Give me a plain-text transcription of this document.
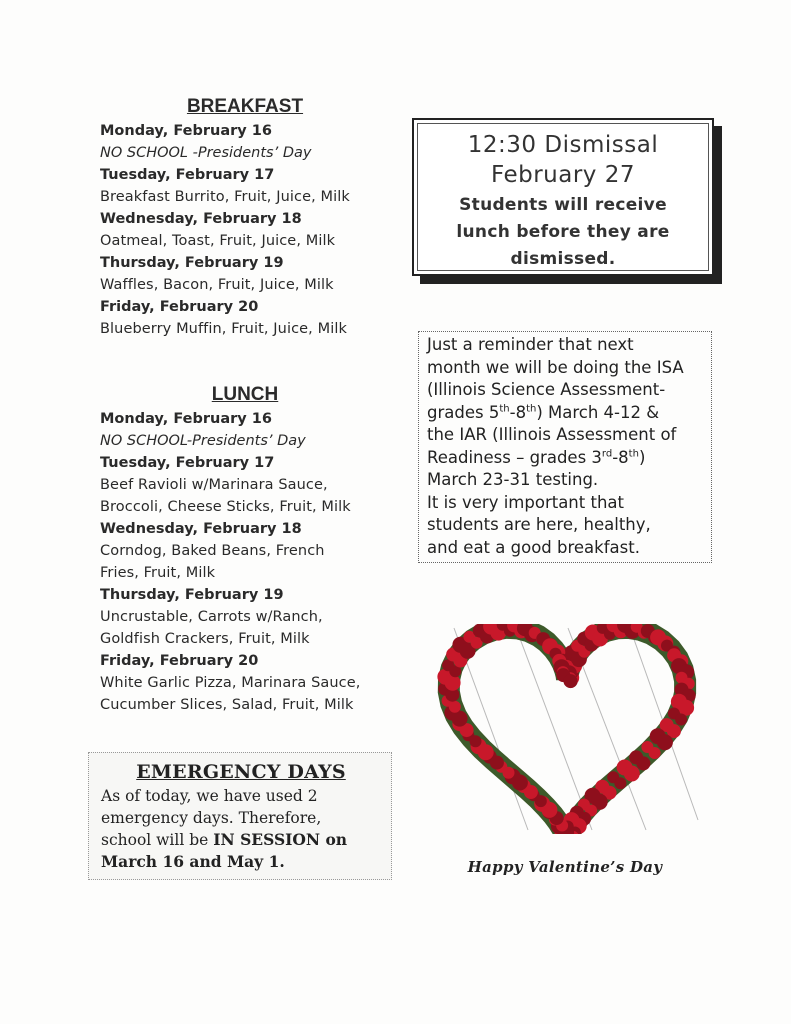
BREAKFAST
Monday, February 16
NO SCHOOL -Presidents’ Day
Tuesday, February 17
Breakfast Burrito, Fruit, Juice, Milk
Wednesday, February 18
Oatmeal, Toast, Fruit, Juice, Milk
Thursday, February 19
Waffles, Bacon, Fruit, Juice, Milk
Friday, February 20
Blueberry Muffin, Fruit, Juice, Milk
LUNCH
Monday, February 16
NO SCHOOL-Presidents’ Day
Tuesday, February 17
Beef Ravioli w/Marinara Sauce,
Broccoli, Cheese Sticks, Fruit, Milk
Wednesday, February 18
Corndog, Baked Beans, French
Fries, Fruit, Milk
Thursday, February 19
Uncrustable, Carrots w/Ranch,
Goldfish Crackers, Fruit, Milk
Friday, February 20
White Garlic Pizza, Marinara Sauce,
Cucumber Slices, Salad, Fruit, Milk
12:30 Dismissal
February 27
Students will receive
lunch before they are
dismissed.

Just a reminder that next

month we will be doing the ISA

(Illinois Science Assessment-

grades 5th-8th) March 4-12 &

the IAR (Illinois Assessment of

Readiness – grades 3rd-8th)

March 23-31 testing.

It is very important that

students are here, healthy,

and eat a good breakfast.

Happy Valentine’s Day
EMERGENCY DAYS
As of today, we have used 2
emergency days. Therefore,
school will be IN SESSION on
March 16 and May 1.
